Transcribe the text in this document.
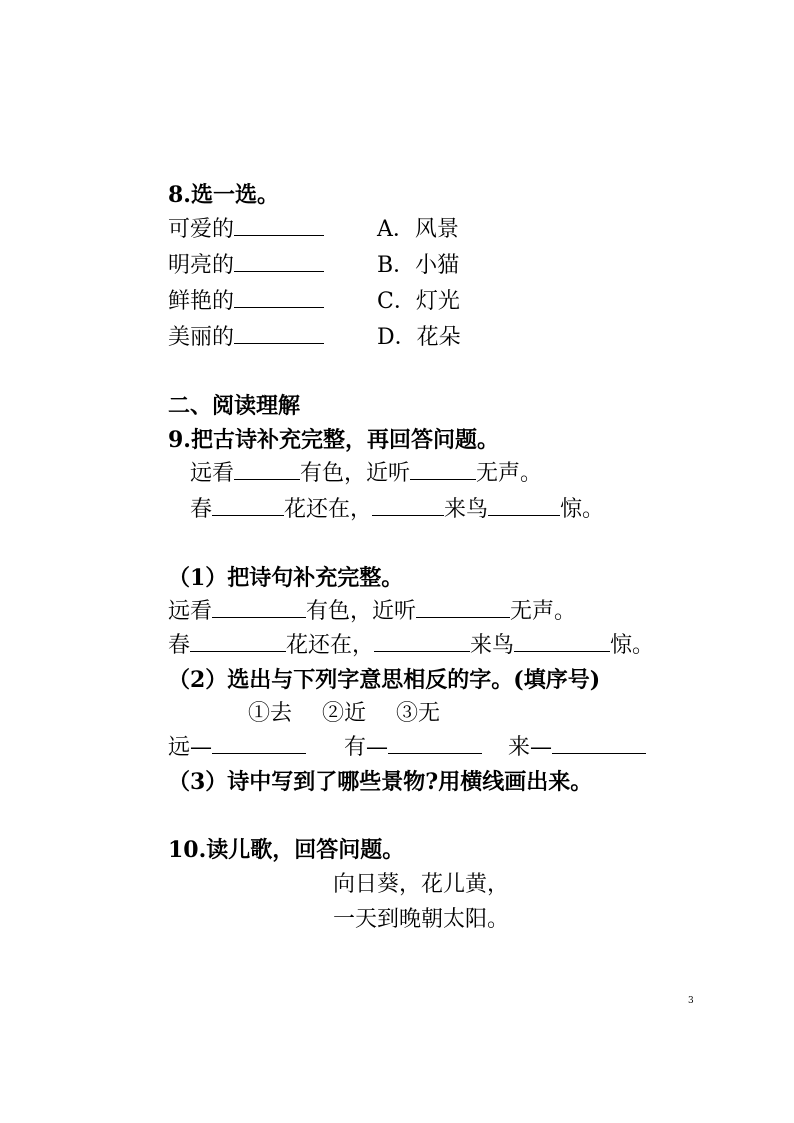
8.选一选。
可爱的	A．风景
明亮的	B．小猫
鲜艳的	C．灯光
美丽的	D．花朵
二、阅读理解
9.把古诗补充完整，再回答问题。
远看	有色，近听	无声。
春	花还在，	来鸟	惊。
（1）把诗句补充完整。
远看	有色，近听	无声。
春	花还在，	来鸟	惊。
（2）选出与下列字意思相反的字。(填序号)
①去 ②近 ③无
远—	有—	来—
（3）诗中写到了哪些景物?用横线画出来。
10.读儿歌，回答问题。
向日葵，花儿黄，
一天到晚朝太阳。
3
